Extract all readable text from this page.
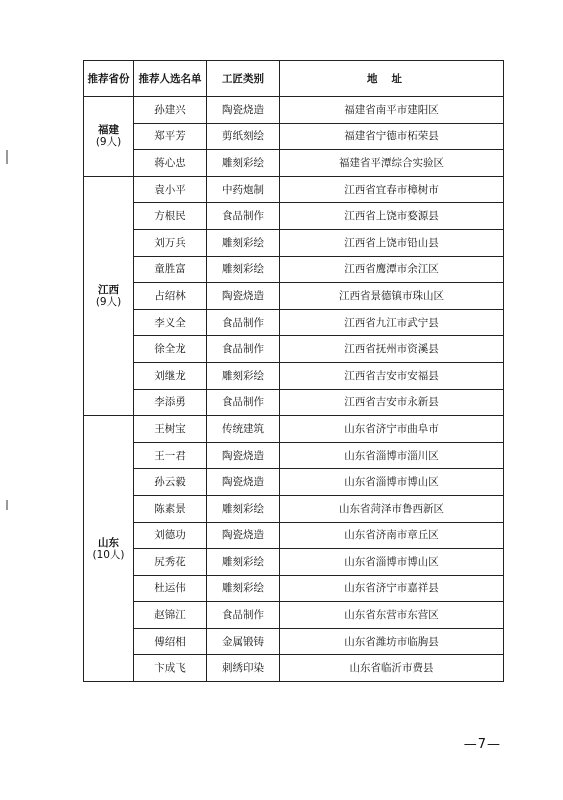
推荐省份	推荐人选名单	工匠类别	地址
福建
(9人)	孙建兴	陶瓷烧造	福建省南平市建阳区
	郑平芳	剪纸刻绘	福建省宁德市柘荣县
	蒋心忠	雕刻彩绘	福建省平潭综合实验区
江西
(9人)	袁小平	中药炮制	江西省宜春市樟树市
	方根民	食品制作	江西省上饶市婺源县
	刘万兵	雕刻彩绘	江西省上饶市铅山县
	童胜富	雕刻彩绘	江西省鹰潭市余江区
	占绍林	陶瓷烧造	江西省景德镇市珠山区
	李义全	食品制作	江西省九江市武宁县
	徐全龙	食品制作	江西省抚州市资溪县
	刘继龙	雕刻彩绘	江西省吉安市安福县
	李添勇	食品制作	江西省吉安市永新县
山东
(10人)	王树宝	传统建筑	山东省济宁市曲阜市
	王一君	陶瓷烧造	山东省淄博市淄川区
	孙云毅	陶瓷烧造	山东省淄博市博山区
	陈素景	雕刻彩绘	山东省菏泽市鲁西新区
	刘德功	陶瓷烧造	山东省济南市章丘区
	尻秀花	雕刻彩绘	山东省淄博市博山区
	杜运伟	雕刻彩绘	山东省济宁市嘉祥县
	赵锦江	食品制作	山东省东营市东营区
	傅绍相	金属锻铸	山东省潍坊市临朐县
	卞成飞	刺绣印染	山东省临沂市费县
—7—
